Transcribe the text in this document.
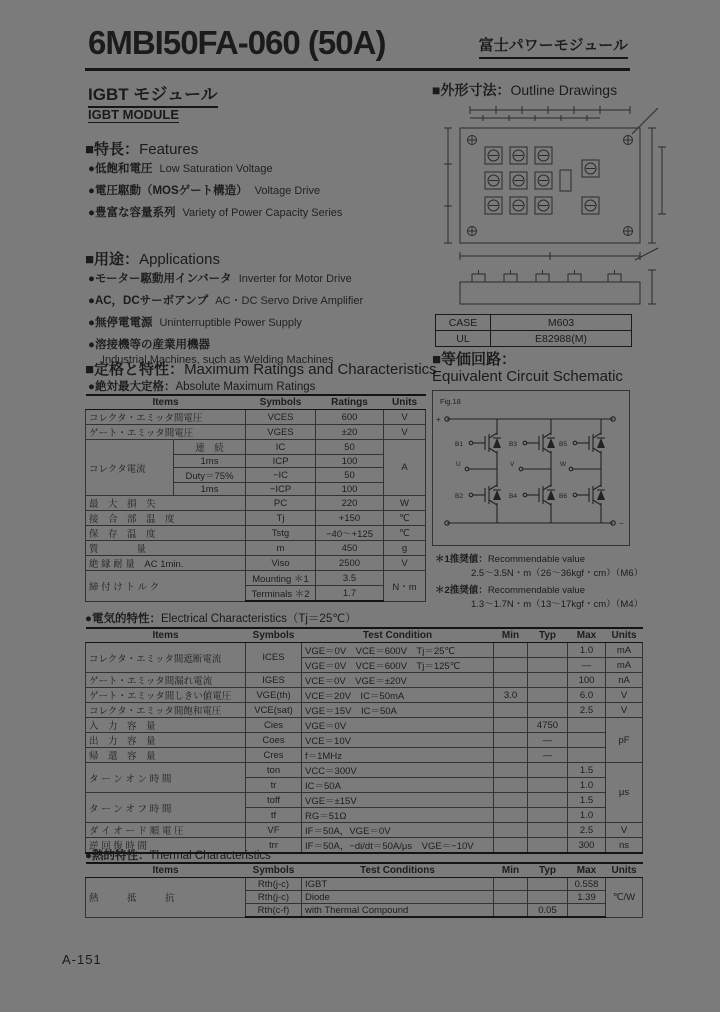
6MBI50FA-060 (50A)	富士パワーモジュール
IGBT モジュール
IGBT MODULE
■特長：Features
●低飽和電圧 Low Saturation Voltage
●電圧駆動（MOSゲート構造） Voltage Drive
●豊富な容量系列 Variety of Power Capacity Series
■用途：Applications
●モーター駆動用インバータ Inverter for Motor Drive
●AC，DCサーボアンプ AC・DC Servo Drive Amplifier
●無停電電源 Uninterruptible Power Supply
●溶接機等の産業用機器
Industrial Machines, such as Welding Machines
■定格と特性：Maximum Ratings and Characteristics
●絶対最大定格：Absolute Maximum Ratings
Items		Symbols	Ratings	Units
コレクタ・エミッタ間電圧		VCES	600	V
ゲート・エミッタ間電圧		VGES	±20	V
コレクタ電流	連　続	IC	50	A
	1ms	ICP	100	
	Duty＝75%	−IC	50	
	1ms	−ICP	100	
最　大　損　失		PC	220	W
接　合　部　温　度		Tj	+150	℃
保　存　温　度		Tstg	−40～+125	℃
質　　　　量		m	450	g
絶 縁 耐 量　AC 1min.		Viso	2500	V
締 付 け ト ル ク		Mounting ＊1	3.5	N・m
		Terminals ＊2	1.7	
■外形寸法：Outline Drawings
CASE	M603
UL	E82988(M)
■等価回路：
Equivalent Circuit Schematic
Fig.18
+
−
B1
B2
U
B3
B4
V
B5
B6
W
＊1推奨値：Recommendable value
2.5～3.5N・m（26～36kgf・cm）（M6）
＊2推奨値：Recommendable value
1.3～1.7N・m（13～17kgf・cm）（M4）
●電気的特性：Electrical Characteristics（Tj＝25℃）
Items	Symbols	Test Condition	Min	Typ	Max	Units
コレクタ・エミッタ間遮断電流	ICES	VGE＝0V　VCE＝600V　Tj＝25℃			1.0	mA
		VGE＝0V　VCE＝600V　Tj＝125℃			—	mA
ゲート・エミッタ間漏れ電流	IGES	VCE＝0V　VGE＝±20V			100	nA
ゲート・エミッタ間しきい値電圧	VGE(th)	VCE＝20V　IC＝50mA	3.0		6.0	V
コレクタ・エミッタ間飽和電圧	VCE(sat)	VGE＝15V　IC＝50A			2.5	V
入　力　容　量	Cies	VGE＝0V		4750		pF
出　力　容　量	Coes	VCE＝10V		—		
帰　還　容　量	Cres	f＝1MHz		—		
タ ー ン オ ン 時 間	ton	VCC＝300V			1.5	μs
	tr	IC＝50A			1.0	
タ ー ン オ フ 時 間	toff	VGE＝±15V			1.5	
	tf	RG＝51Ω			1.0	
ダ イ オ ー ド 順 電 圧	VF	IF＝50A，VGE＝0V			2.5	V
逆 回 復 時 間	trr	IF＝50A，−di/dt＝50A/μs　VGE＝−10V			300	ns
●熱的特性：Thermal Characteristics
Items	Symbols	Test Conditions	Min	Typ	Max	Units
熱　　　抵　　　抗	Rth(j-c)	IGBT			0.558	℃/W
	Rth(j-c)	Diode			1.39	
	Rth(c-f)	with Thermal Compound		0.05		
A-151
